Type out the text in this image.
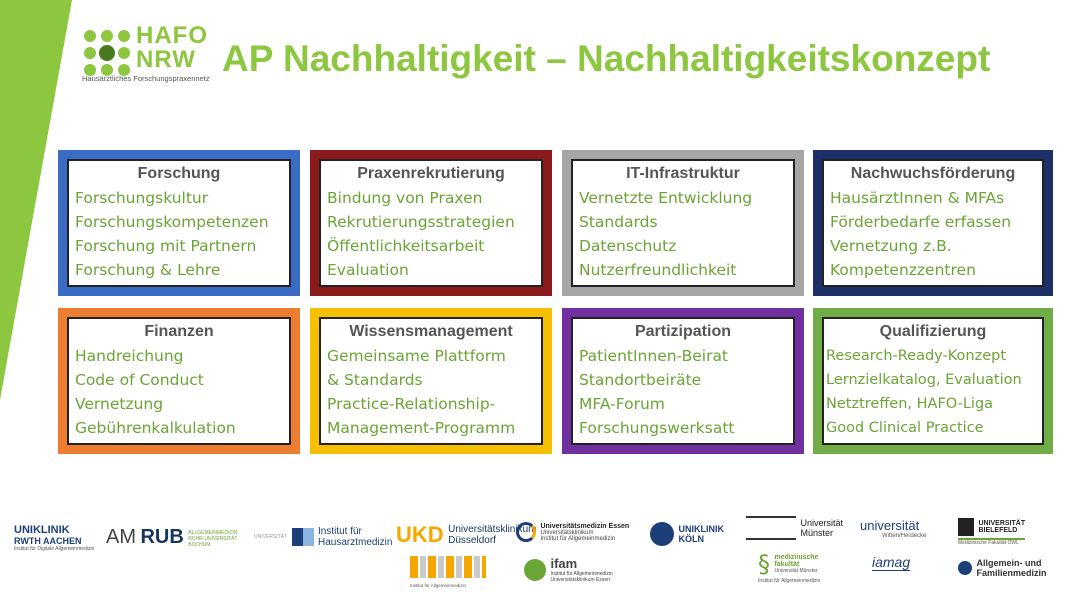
HAFO
NRW
Hausärztliches Forschungspraxennetz AP Nachhaltigkeit – Nachhaltigkeitskonzept
Forschung
Forschungskultur
Forschungskompetenzen
Forschung mit Partnern
Forschung & Lehre
Praxenrekrutierung
Bindung von Praxen
Rekrutierungsstrategien
Öffentlichkeitsarbeit
Evaluation
IT-Infrastruktur
Vernetzte Entwicklung
Standards
Datenschutz
Nutzerfreundlichkeit
Nachwuchsförderung
HausärztInnen & MFAs
Förderbedarfe erfassen
Vernetzung z.B.
Kompetenzzentren
Finanzen
Handreichung
Code of Conduct
Vernetzung
Gebührenkalkulation
Wissensmanagement
Gemeinsame Plattform
& Standards
Practice-Relationship-
Management-Programm
Partizipation
PatientInnen-Beirat
Standortbeiräte
MFA-Forum
Forschungswerksatt
Qualifizierung
Research-Ready-Konzept
Lernzielkatalog, Evaluation
Netztreffen, HAFO-Liga
Good Clinical Practice
UNIKLINIK
RWTH AACHEN
Institut für Digitale Allgemeinmedizin
AM RUB ALLGEMEINMEDIZIN RUHR-UNIVERSITÄT BOCHUM
UNIVERSITÄT	Institut für
Hausarztmedizin UKD Universitätsklinikum
Düsseldorf

Universitätsmedizin Essen
Universitätsklinikum
Institut für Allgemeinmedizin

UNIKLINIK
KÖLN

Universität
Münster	universität
Witten/Herdecke

UNIVERSITÄT
BIELEFELD
Medizinische Fakultät OWL

Allgemein- und
Familienmedizin
Institut für Allgemeinmedizin

ifam
Institut für Allgemeinmedizin
Universitätsklinikum Essen
§ medizinische
fakultät
Universität Münster
Institut für Allgemeinmedizin
iamag
